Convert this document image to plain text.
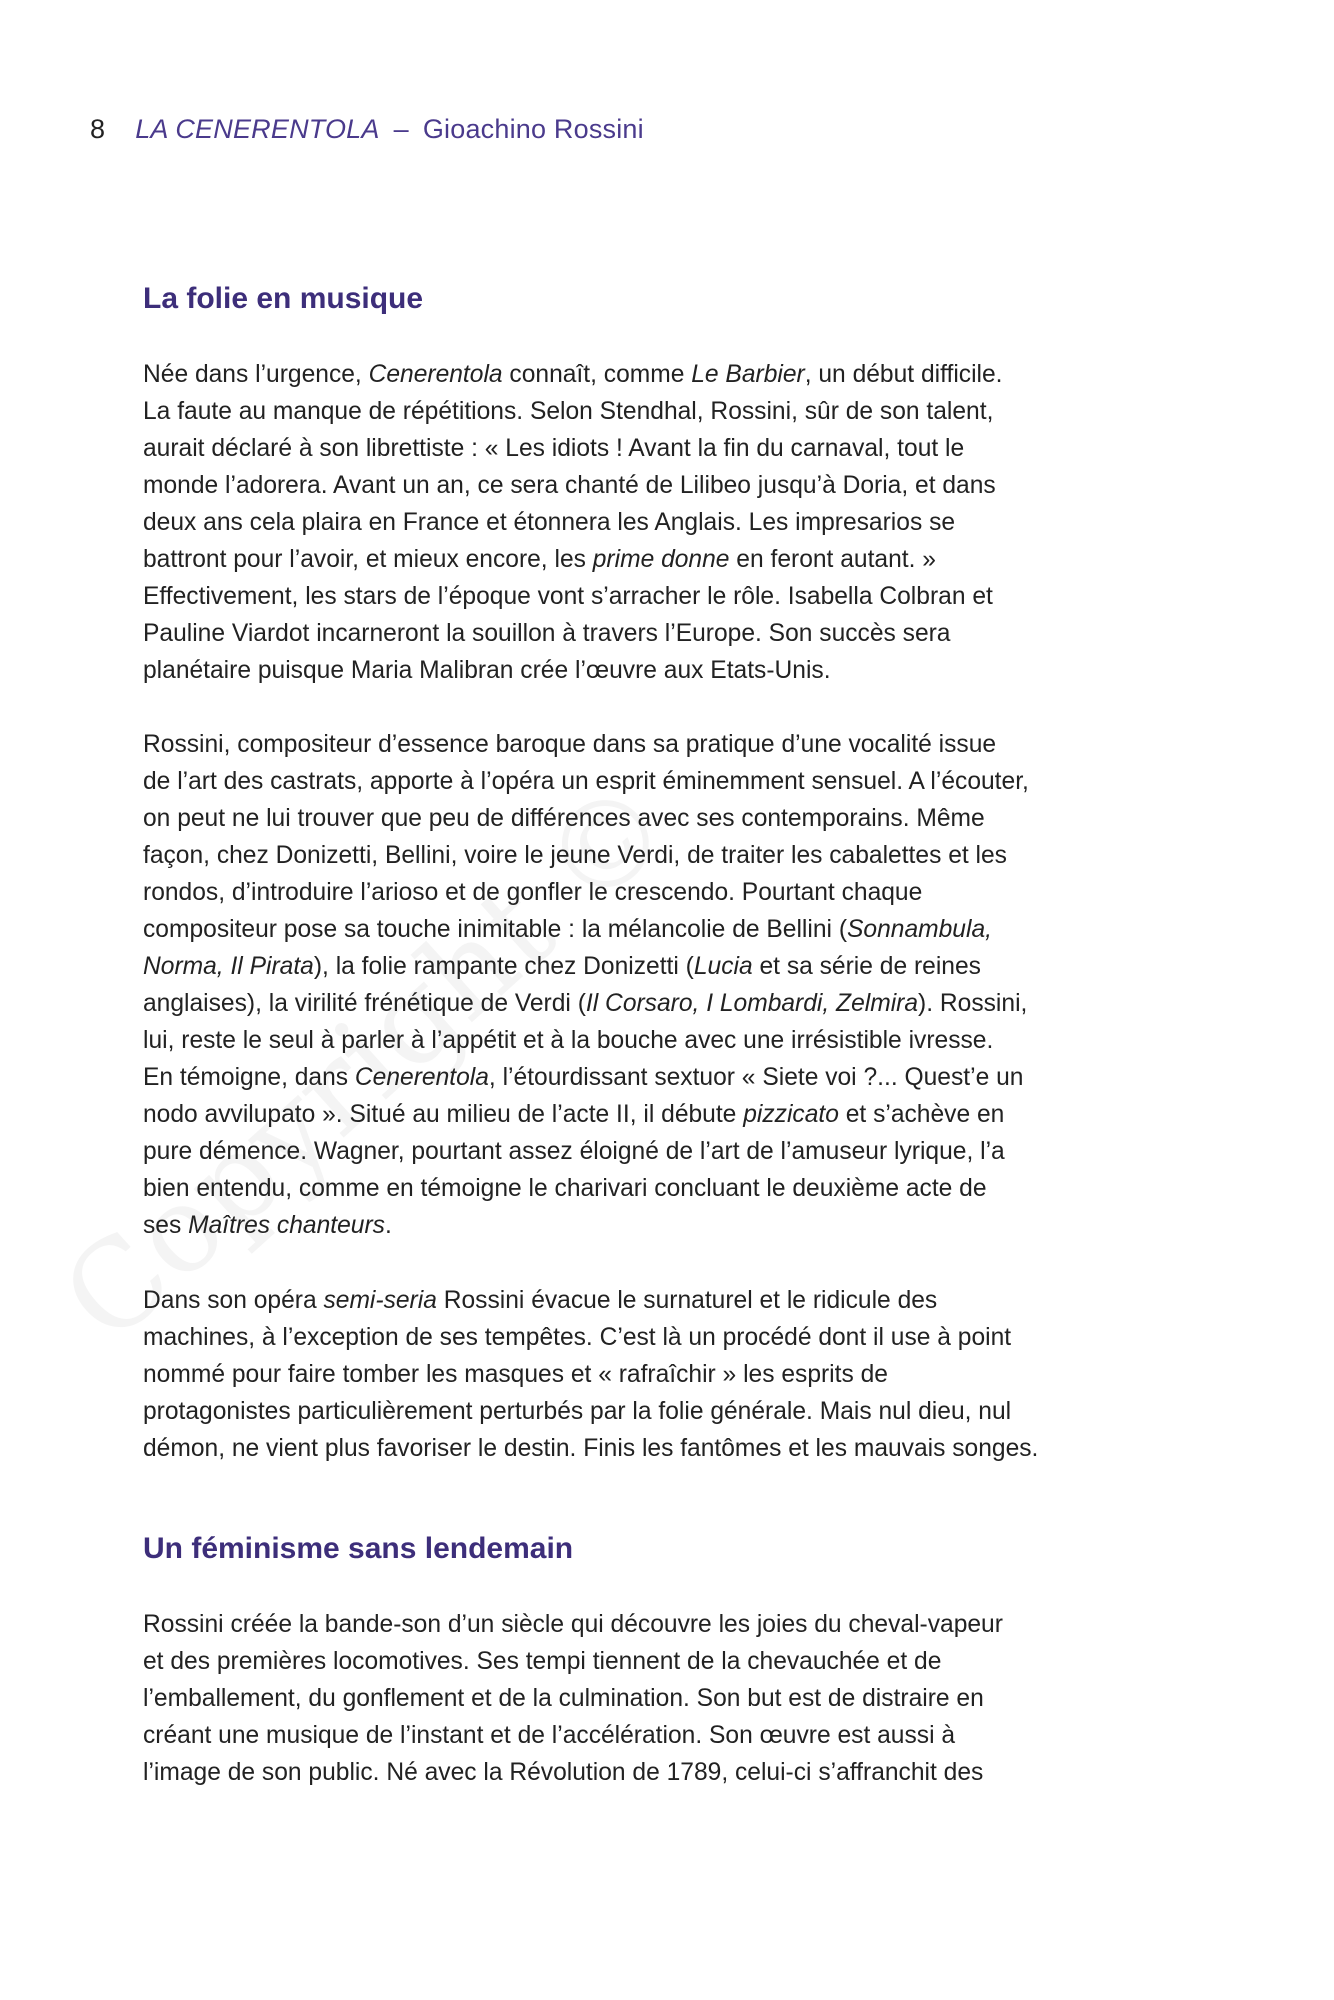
8 LA CENERENTOLA – Gioachino Rossini
La folie en musique

Née dans l’urgence, Cenerentola connaît, comme Le Barbier, un début difficile.
La faute au manque de répétitions. Selon Stendhal, Rossini, sûr de son talent,
aurait déclaré à son librettiste : « Les idiots ! Avant la fin du carnaval, tout le
monde l’adorera. Avant un an, ce sera chanté de Lilibeo jusqu’à Doria, et dans
deux ans cela plaira en France et étonnera les Anglais. Les impresarios se
battront pour l’avoir, et mieux encore, les prime donne en feront autant. »
Effectivement, les stars de l’époque vont s’arracher le rôle. Isabella Colbran et
Pauline Viardot incarneront la souillon à travers l’Europe. Son succès sera
planétaire puisque Maria Malibran crée l’œuvre aux Etats-Unis.

Rossini, compositeur d’essence baroque dans sa pratique d’une vocalité issue
de l’art des castrats, apporte à l’opéra un esprit éminemment sensuel. A l’écouter,
on peut ne lui trouver que peu de différences avec ses contemporains. Même
façon, chez Donizetti, Bellini, voire le jeune Verdi, de traiter les cabalettes et les
rondos, d’introduire l’arioso et de gonfler le crescendo. Pourtant chaque
compositeur pose sa touche inimitable : la mélancolie de Bellini (Sonnambula,
Norma, Il Pirata), la folie rampante chez Donizetti (Lucia et sa série de reines
anglaises), la virilité frénétique de Verdi (Il Corsaro, I Lombardi, Zelmira). Rossini,
lui, reste le seul à parler à l’appétit et à la bouche avec une irrésistible ivresse.
En témoigne, dans Cenerentola, l’étourdissant sextuor « Siete voi ?... Quest’e un
nodo avvilupato ». Situé au milieu de l’acte II, il débute pizzicato et s’achève en
pure démence. Wagner, pourtant assez éloigné de l’art de l’amuseur lyrique, l’a
bien entendu, comme en témoigne le charivari concluant le deuxième acte de
ses Maîtres chanteurs.

Dans son opéra semi-seria Rossini évacue le surnaturel et le ridicule des
machines, à l’exception de ses tempêtes. C’est là un procédé dont il use à point
nommé pour faire tomber les masques et « rafraîchir » les esprits de
protagonistes particulièrement perturbés par la folie générale. Mais nul dieu, nul
démon, ne vient plus favoriser le destin. Finis les fantômes et les mauvais songes.

Un féminisme sans lendemain

Rossini créée la bande-son d’un siècle qui découvre les joies du cheval-vapeur
et des premières locomotives. Ses tempi tiennent de la chevauchée et de
l’emballement, du gonflement et de la culmination. Son but est de distraire en
créant une musique de l’instant et de l’accélération. Son œuvre est aussi à
l’image de son public. Né avec la Révolution de 1789, celui-ci s’affranchit des
